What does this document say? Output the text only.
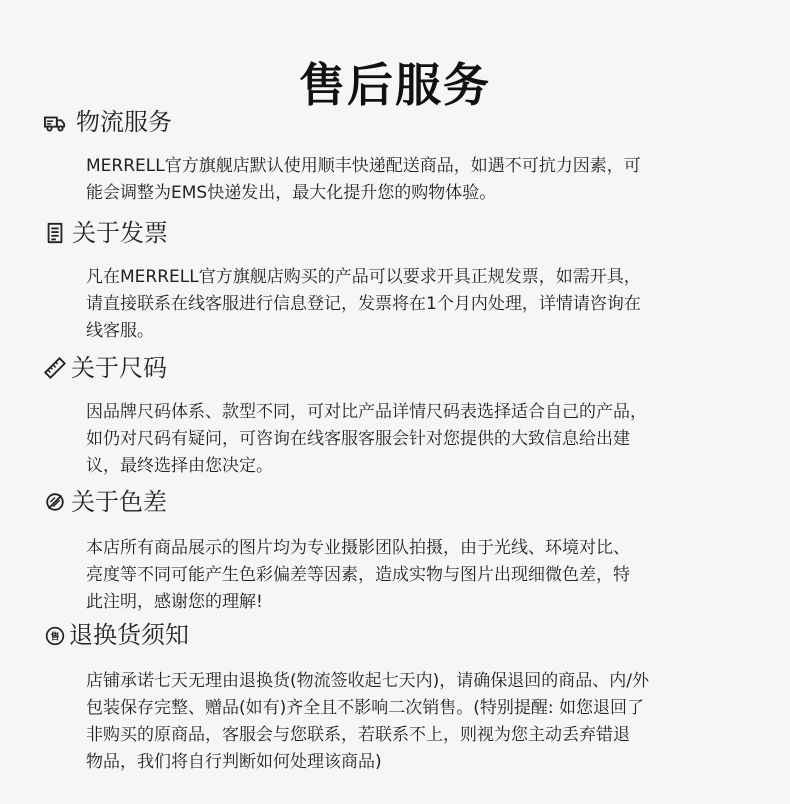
售后服务
物流服务
MERRELL官方旗舰店默认使用顺丰快递配送商品，如遇不可抗力因素，可
能会调整为EMS快递发出，最大化提升您的购物体验。
关于发票
凡在MERRELL官方旗舰店购买的产品可以要求开具正规发票，如需开具，
请直接联系在线客服进行信息登记，发票将在1个月内处理，详情请咨询在
线客服。
关于尺码
因品牌尺码体系、款型不同，可对比产品详情尺码表选择适合自己的产品，
如仍对尺码有疑问，可咨询在线客服客服会针对您提供的大致信息给出建
议，最终选择由您决定。
关于色差
本店所有商品展示的图片均为专业摄影团队拍摄，由于光线、环境对比、
亮度等不同可能产生色彩偏差等因素，造成实物与图片出现细微色差，特
此注明，感谢您的理解!
售 退换货须知
店铺承诺七天无理由退换货(物流签收起七天内)，请确保退回的商品、内/外
包装保存完整、赠品(如有)齐全且不影响二次销售。(特别提醒: 如您退回了
非购买的原商品，客服会与您联系，若联系不上，则视为您主动丢弃错退
物品，我们将自行判断如何处理该商品)
